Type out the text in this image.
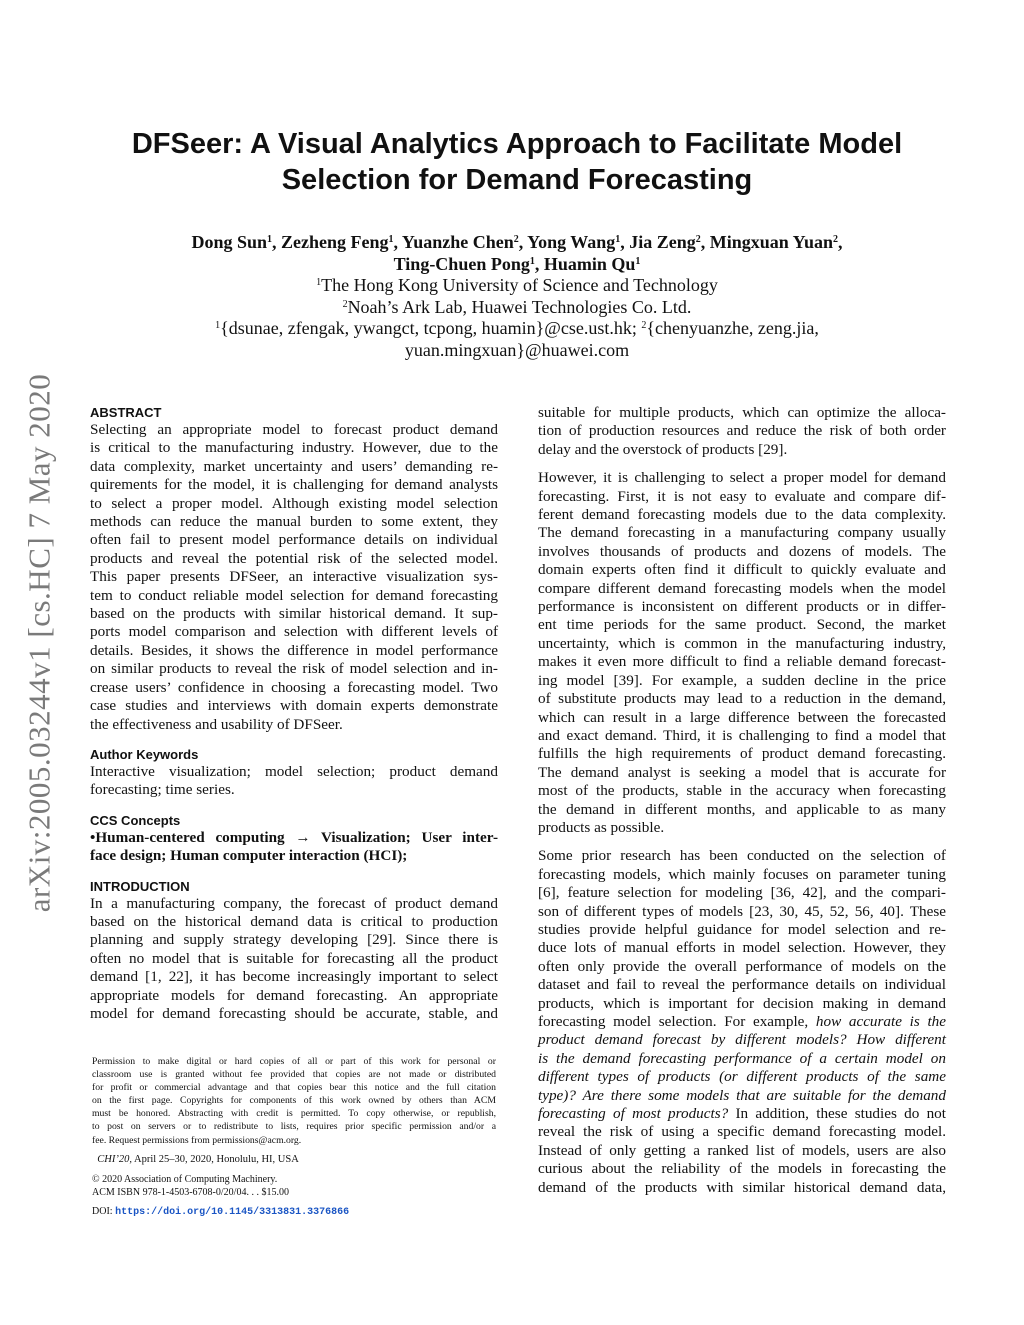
arXiv:2005.03244v1 [cs.HC] 7 May 2020
DFSeer: A Visual Analytics Approach to Facilitate Model
Selection for Demand Forecasting
Dong Sun$^1$, Zezheng Feng$^1$, Yuanzhe Chen$^2$, Yong Wang$^1$, Jia Zeng$^2$, Mingxuan Yuan$^2$,
Ting-Chuen Pong$^1$, Huamin Qu$^1$
$^1$The Hong Kong University of Science and Technology
$^2$Noah’s Ark Lab, Huawei Technologies Co. Ltd.
$^1${dsunae, zfengak, ywangct, tcpong, huamin}@cse.ust.hk; $^2${chenyuanzhe, zeng.jia,
yuan.mingxuan}@huawei.com
ABSTRACT
Selecting an appropriate model to forecast product demand
is critical to the manufacturing industry. However, due to the
data complexity, market uncertainty and users’ demanding re-
quirements for the model, it is challenging for demand analysts
to select a proper model. Although existing model selection
methods can reduce the manual burden to some extent, they
often fail to present model performance details on individual
products and reveal the potential risk of the selected model.
This paper presents DFSeer, an interactive visualization sys-
tem to conduct reliable model selection for demand forecasting
based on the products with similar historical demand. It sup-
ports model comparison and selection with different levels of
details. Besides, it shows the difference in model performance
on similar products to reveal the risk of model selection and in-
crease users’ confidence in choosing a forecasting model. Two
case studies and interviews with domain experts demonstrate
the effectiveness and usability of DFSeer.
Author Keywords
Interactive visualization; model selection; product demand
forecasting; time series.
CCS Concepts
•Human-centered computing → Visualization; User inter-
face design; Human computer interaction (HCI);
INTRODUCTION
In a manufacturing company, the forecast of product demand
based on the historical demand data is critical to production
planning and supply strategy developing [29]. Since there is
often no model that is suitable for forecasting all the product
demand [1, 22], it has become increasingly important to select
appropriate models for demand forecasting. An appropriate
model for demand forecasting should be accurate, stable, and
Permission to make digital or hard copies of all or part of this work for personal or
classroom use is granted without fee provided that copies are not made or distributed
for profit or commercial advantage and that copies bear this notice and the full citation
on the first page. Copyrights for components of this work owned by others than ACM
must be honored. Abstracting with credit is permitted. To copy otherwise, or republish,
to post on servers or to redistribute to lists, requires prior specific permission and/or a
fee. Request permissions from permissions@acm.org.
CHI’20, April 25–30, 2020, Honolulu, HI, USA
© 2020 Association of Computing Machinery.
ACM ISBN 978-1-4503-6708-0/20/04. . . $15.00
DOI: https://doi.org/10.1145/3313831.3376866
suitable for multiple products, which can optimize the alloca-
tion of production resources and reduce the risk of both order
delay and the overstock of products [29].
However, it is challenging to select a proper model for demand
forecasting. First, it is not easy to evaluate and compare dif-
ferent demand forecasting models due to the data complexity.
The demand forecasting in a manufacturing company usually
involves thousands of products and dozens of models. The
domain experts often find it difficult to quickly evaluate and
compare different demand forecasting models when the model
performance is inconsistent on different products or in differ-
ent time periods for the same product. Second, the market
uncertainty, which is common in the manufacturing industry,
makes it even more difficult to find a reliable demand forecast-
ing model [39]. For example, a sudden decline in the price
of substitute products may lead to a reduction in the demand,
which can result in a large difference between the forecasted
and exact demand. Third, it is challenging to find a model that
fulfills the high requirements of product demand forecasting.
The demand analyst is seeking a model that is accurate for
most of the products, stable in the accuracy when forecasting
the demand in different months, and applicable to as many
products as possible.
Some prior research has been conducted on the selection of
forecasting models, which mainly focuses on parameter tuning
[6], feature selection for modeling [36, 42], and the compari-
son of different types of models [23, 30, 45, 52, 56, 40]. These
studies provide helpful guidance for model selection and re-
duce lots of manual efforts in model selection. However, they
often only provide the overall performance of models on the
dataset and fail to reveal the performance details on individual
products, which is important for decision making in demand
forecasting model selection. For example, how accurate is the
product demand forecast by different models? How different
is the demand forecasting performance of a certain model on
different types of products (or different products of the same
type)? Are there some models that are suitable for the demand
forecasting of most products? In addition, these studies do not
reveal the risk of using a specific demand forecasting model.
Instead of only getting a ranked list of models, users are also
curious about the reliability of the models in forecasting the
demand of the products with similar historical demand data,
